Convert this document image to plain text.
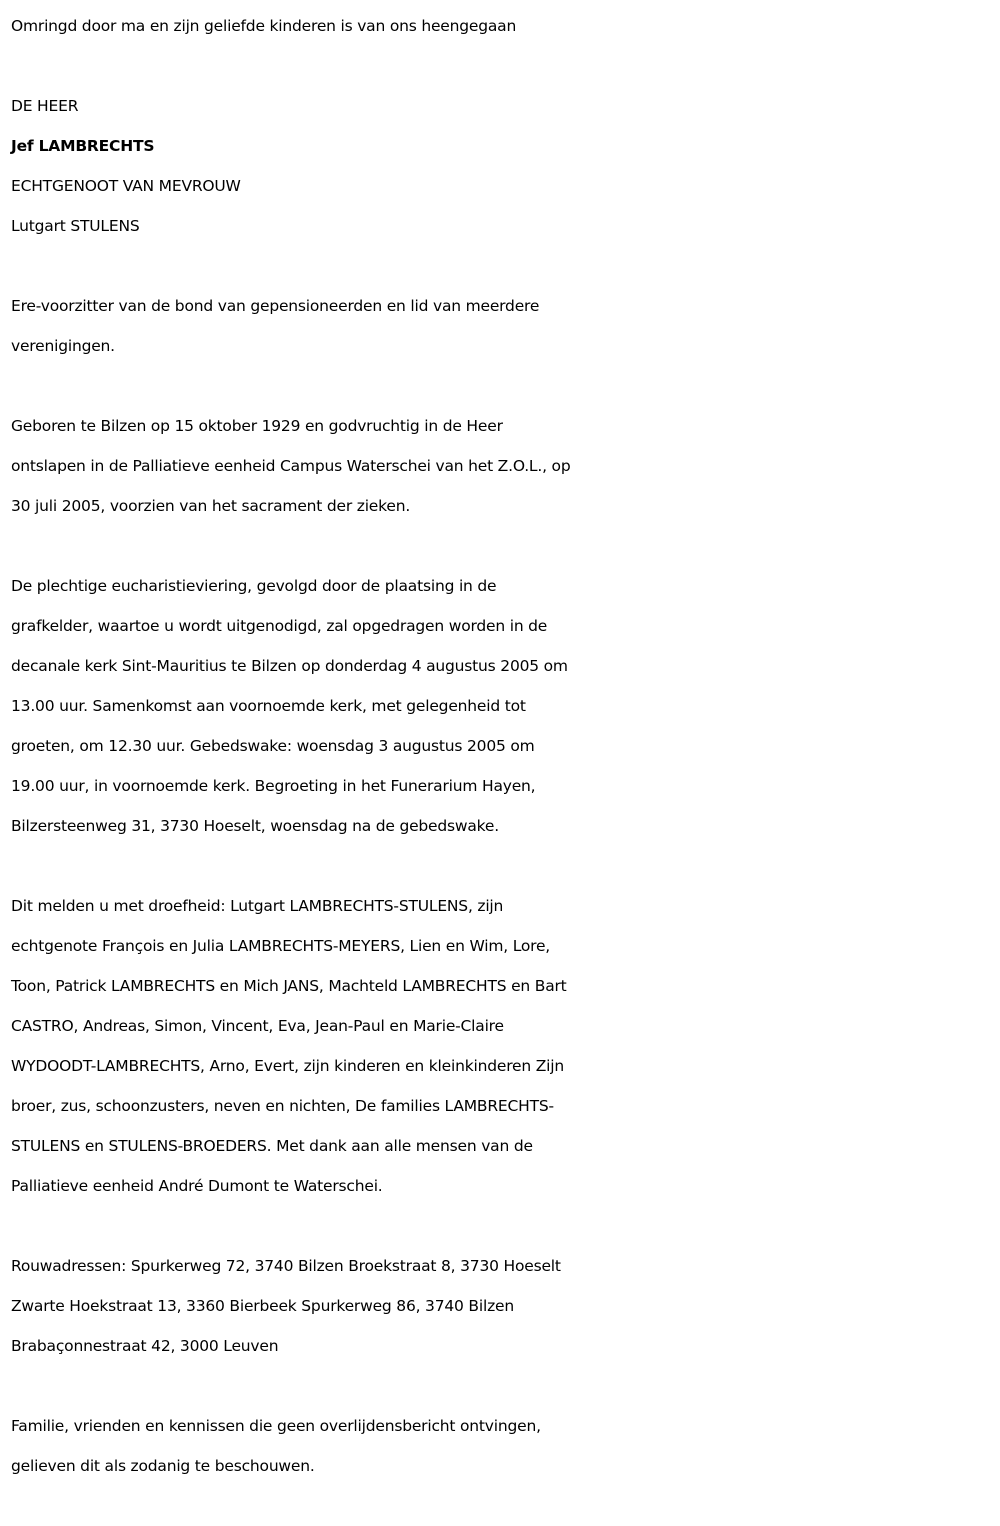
Omringd door ma en zijn geliefde kinderen is van ons heengegaan
DE HEER
Jef LAMBRECHTS
ECHTGENOOT VAN MEVROUW
Lutgart STULENS
Ere-voorzitter van de bond van gepensioneerden en lid van meerdere
verenigingen.
Geboren te Bilzen op 15 oktober 1929 en godvruchtig in de Heer
ontslapen in de Palliatieve eenheid Campus Waterschei van het Z.O.L., op
30 juli 2005, voorzien van het sacrament der zieken.
De plechtige eucharistieviering, gevolgd door de plaatsing in de
grafkelder, waartoe u wordt uitgenodigd, zal opgedragen worden in de
decanale kerk Sint-Mauritius te Bilzen op donderdag 4 augustus 2005 om
13.00 uur. Samenkomst aan voornoemde kerk, met gelegenheid tot
groeten, om 12.30 uur. Gebedswake: woensdag 3 augustus 2005 om
19.00 uur, in voornoemde kerk. Begroeting in het Funerarium Hayen,
Bilzersteenweg 31, 3730 Hoeselt, woensdag na de gebedswake.
Dit melden u met droefheid: Lutgart LAMBRECHTS-STULENS, zijn
echtgenote François en Julia LAMBRECHTS-MEYERS, Lien en Wim, Lore,
Toon, Patrick LAMBRECHTS en Mich JANS, Machteld LAMBRECHTS en Bart
CASTRO, Andreas, Simon, Vincent, Eva, Jean-Paul en Marie-Claire
WYDOODT-LAMBRECHTS, Arno, Evert, zijn kinderen en kleinkinderen Zijn
broer, zus, schoonzusters, neven en nichten, De families LAMBRECHTS-
STULENS en STULENS-BROEDERS. Met dank aan alle mensen van de
Palliatieve eenheid André Dumont te Waterschei.
Rouwadressen: Spurkerweg 72, 3740 Bilzen Broekstraat 8, 3730 Hoeselt
Zwarte Hoekstraat 13, 3360 Bierbeek Spurkerweg 86, 3740 Bilzen
Brabaçonnestraat 42, 3000 Leuven
Familie, vrienden en kennissen die geen overlijdensbericht ontvingen,
gelieven dit als zodanig te beschouwen.
